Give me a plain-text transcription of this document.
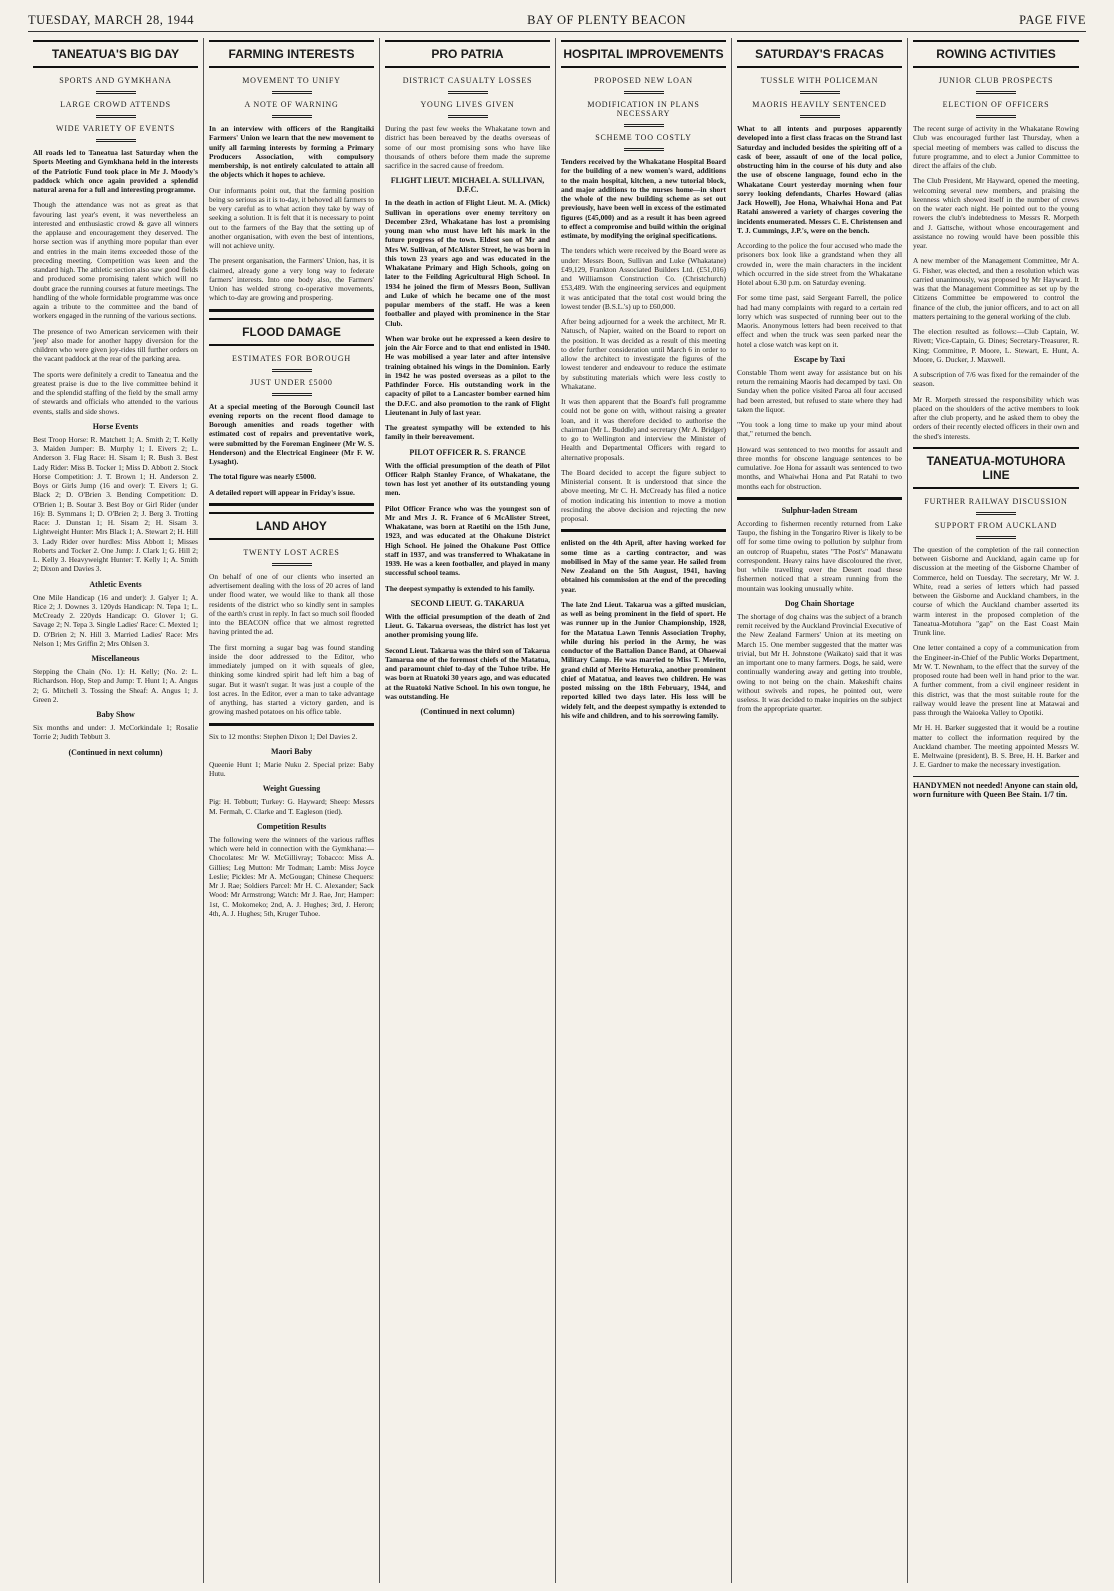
TUESDAY, MARCH 28, 1944	BAY OF PLENTY BEACON	PAGE FIVE
TANEATUA'S BIG DAY
SPORTS AND GYMKHANA
LARGE CROWD ATTENDS
WIDE VARIETY OF EVENTS

All roads led to Taneatua last Saturday when the Sports Meeting and Gymkhana held in the interests of the Patriotic Fund took place in Mr J. Moody's paddock which once again provided a splendid natural arena for a full and interesting programme.

Though the attendance was not as great as that favouring last year's event, it was nevertheless an interested and enthusiastic crowd & gave all winners the applause and encouragement they deserved. The horse section was if anything more popular than ever and entries in the main items exceeded those of the preceding meeting. Competition was keen and the standard high. The athletic section also saw good fields and produced some promising talent which will no doubt grace the running courses at future meetings. The handling of the whole formidable programme was once again a tribute to the committee and the band of workers engaged in the running of the various sections.

The presence of two American servicemen with their 'jeep' also made for another happy diversion for the children who were given joy-rides till further orders on the vacant paddock at the rear of the parking area.

The sports were definitely a credit to Taneatua and the greatest praise is due to the live committee behind it and the splendid staffing of the field by the small army of stewards and officials who attended to the various events, stalls and side shows.

Horse Events

Best Troop Horse: R. Matchett 1; A. Smith 2; T. Kelly 3. Maiden Jumper: B. Murphy 1; I. Eivers 2; L. Anderson 3. Flag Race: H. Sisam 1; R. Bush 3. Best Lady Rider: Miss B. Tocker 1; Miss D. Abbott 2. Stock Horse Competition: J. T. Brown 1; H. Anderson 2. Boys or Girls Jump (16 and over): T. Eivers 1; G. Black 2; D. O'Brien 3. Bending Competition: D. O'Brien 1; B. Soutar 3. Best Boy or Girl Rider (under 16): B. Symmans 1; D. O'Brien 2; J. Berg 3. Trotting Race: J. Dunstan 1; H. Sisam 2; H. Sisam 3. Lightweight Hunter: Mrs Black 1; A. Stewart 2; H. Hill 3. Lady Rider over hurdles: Miss Abbott 1; Misses Roberts and Tocker 2. One Jump: J. Clark 1; G. Hill 2; L. Kelly 3. Heavyweight Hunter: T. Kelly 1; A. Smith 2; Dixon and Davies 3.

Athletic Events

One Mile Handicap (16 and under): J. Galyer 1; A. Rice 2; J. Downes 3. 120yds Handicap: N. Tepa 1; L. McCready 2. 220yds Handicap: O. Glover 1; G. Savage 2; N. Tepa 3. Single Ladies' Race: C. Mexted 1; D. O'Brien 2; N. Hill 3. Married Ladies' Race: Mrs Nelson 1; Mrs Griffin 2; Mrs Ohlsen 3.

Miscellaneous

Stepping the Chain (No. 1): H. Kelly; (No. 2: L. Richardson. Hop, Step and Jump: T. Hunt 1; A. Angus 2; G. Mitchell 3. Tossing the Sheaf: A. Angus 1; J. Green 2.

Baby Show

Six months and under: J. McCorkindale 1; Rosalie Torrie 2; Judith Tebbutt 3.

(Continued in next column)
FARMING INTERESTS
MOVEMENT TO UNIFY
A NOTE OF WARNING

In an interview with officers of the Rangitaiki Farmers' Union we learn that the new movement to unify all farming interests by forming a Primary Producers Association, with compulsory membership, is not entirely calculated to attain all the objects which it hopes to achieve.

Our informants point out, that the farming position being so serious as it is to-day, it behoved all farmers to be very careful as to what action they take by way of seeking a solution. It is felt that it is necessary to point out to the farmers of the Bay that the setting up of another organisation, with even the best of intentions, will not achieve unity.

The present organisation, the Farmers' Union, has, it is claimed, already gone a very long way to federate farmers' interests. Into one body also, the Farmers' Union has welded strong co-operative movements, which to-day are growing and prospering.

FLOOD DAMAGE
ESTIMATES FOR BOROUGH
JUST UNDER £5000

At a special meeting of the Borough Council last evening reports on the recent flood damage to Borough amenities and roads together with estimated cost of repairs and preventative work, were submitted by the Foreman Engineer (Mr W. S. Henderson) and the Electrical Engineer (Mr F. W. Lysaght).

The total figure was nearly £5000.

A detailed report will appear in Friday's issue.

LAND AHOY
TWENTY LOST ACRES

On behalf of one of our clients who inserted an advertisement dealing with the loss of 20 acres of land under flood water, we would like to thank all those residents of the district who so kindly sent in samples of the earth's crust in reply. In fact so much soil flooded into the BEACON office that we almost regretted having printed the ad.

The first morning a sugar bag was found standing inside the door addressed to the Editor, who immediately jumped on it with squeals of glee, thinking some kindred spirit had left him a bag of sugar. But it wasn't sugar. It was just a couple of the lost acres. In the Editor, ever a man to take advantage of anything, has started a victory garden, and is growing mashed potatoes on his office table.

Six to 12 months: Stephen Dixon 1; Del Davies 2.

Maori Baby

Queenie Hunt 1; Marie Nuku 2. Special prize: Baby Hutu.

Weight Guessing

Pig: H. Tebbutt; Turkey: G. Hayward; Sheep: Messrs M. Fermah, C. Clarke and T. Eagleson (tied).

Competition Results

The following were the winners of the various raffles which were held in connection with the Gymkhana:—Chocolates: Mr W. McGillivray; Tobacco: Miss A. Gillies; Leg Mutton: Mr Todman; Lamb: Miss Joyce Leslie; Pickles: Mr A. McGougan; Chinese Chequers: Mr J. Rae; Soldiers Parcel: Mr H. C. Alexander; Sack Wood: Mr Armstrong; Watch: Mr J. Rae, Jnr; Hamper: 1st, C. Mokomeko; 2nd, A. J. Hughes; 3rd, J. Heron; 4th, A. J. Hughes; 5th, Kruger Tuhoe.

PRO PATRIA
DISTRICT CASUALTY LOSSES
YOUNG LIVES GIVEN

During the past few weeks the Whakatane town and district has been bereaved by the deaths overseas of some of our most promising sons who have like thousands of others before them made the supreme sacrifice in the sacred cause of freedom.

FLIGHT LIEUT. MICHAEL A. SULLIVAN, D.F.C.

In the death in action of Flight Lieut. M. A. (Mick) Sullivan in operations over enemy territory on December 23rd, Whakatane has lost a promising young man who must have left his mark in the future progress of the town. Eldest son of Mr and Mrs W. Sullivan, of McAlister Street, he was born in this town 23 years ago and was educated in the Whakatane Primary and High Schools, going on later to the Feilding Agricultural High School. In 1934 he joined the firm of Messrs Boon, Sullivan and Luke of which he became one of the most popular members of the staff. He was a keen footballer and played with prominence in the Star Club.

When war broke out he expressed a keen desire to join the Air Force and to that end enlisted in 1940. He was mobilised a year later and after intensive training obtained his wings in the Dominion. Early in 1942 he was posted overseas as a pilot to the Pathfinder Force. His outstanding work in the capacity of pilot to a Lancaster bomber earned him the D.F.C. and also promotion to the rank of Flight Lieutenant in July of last year.

The greatest sympathy will be extended to his family in their bereavement.

PILOT OFFICER R. S. FRANCE

With the official presumption of the death of Pilot Officer Ralph Stanley France, of Whakatane, the town has lost yet another of its outstanding young men.

Pilot Officer France who was the youngest son of Mr and Mrs J. R. France of 6 McAlister Street, Whakatane, was born at Raetihi on the 15th June, 1923, and was educated at the Ohakune District High School. He joined the Ohakune Post Office staff in 1937, and was transferred to Whakatane in 1939. He was a keen footballer, and played in many successful school teams.

The deepest sympathy is extended to his family.

SECOND LIEUT. G. TAKARUA

With the official presumption of the death of 2nd Lieut. G. Takarua overseas, the district has lost yet another promising young life.

Second Lieut. Takarua was the third son of Takarua Tamarua one of the foremost chiefs of the Matatua, and paramount chief to-day of the Tuhoe tribe. He was born at Ruatoki 30 years ago, and was educated at the Ruatoki Native School. In his own tongue, he was outstanding. He

(Continued in next column)
HOSPITAL IMPROVEMENTS
PROPOSED NEW LOAN
MODIFICATION IN PLANS NECESSARY
SCHEME TOO COSTLY

Tenders received by the Whakatane Hospital Board for the building of a new women's ward, additions to the main hospital, kitchen, a new tutorial block, and major additions to the nurses home—in short the whole of the new building scheme as set out previously, have been well in excess of the estimated figures (£45,000) and as a result it has been agreed to effect a compromise and build within the original estimate, by modifying the original specifications.

The tenders which were received by the Board were as under: Messrs Boon, Sullivan and Luke (Whakatane) £49,129, Frankton Associated Builders Ltd. (£51,016) and Williamson Construction Co. (Christchurch) £53,489. With the engineering services and equipment it was anticipated that the total cost would bring the lowest tender (B.S.L.'s) up to £60,000.

After being adjourned for a week the architect, Mr R. Natusch, of Napier, waited on the Board to report on the position. It was decided as a result of this meeting to defer further consideration until March 6 in order to allow the architect to investigate the figures of the lowest tenderer and endeavour to reduce the estimate by substituting materials which were less costly to Whakatane.

It was then apparent that the Board's full programme could not be gone on with, without raising a greater loan, and it was therefore decided to authorise the chairman (Mr L. Buddle) and secretary (Mr A. Bridger) to go to Wellington and interview the Minister of Health and Departmental Officers with regard to alternative proposals.

The Board decided to accept the figure subject to Ministerial consent. It is understood that since the above meeting, Mr C. H. McCready has filed a notice of motion indicating his intention to move a motion rescinding the above decision and rejecting the new proposal.

enlisted on the 4th April, after having worked for some time as a carting contractor, and was mobilised in May of the same year. He sailed from New Zealand on the 5th August, 1941, having obtained his commission at the end of the preceding year.

The late 2nd Lieut. Takarua was a gifted musician, as well as being prominent in the field of sport. He was runner up in the Junior Championship, 1928, for the Matatua Lawn Tennis Association Trophy, while during his period in the Army, he was conductor of the Battalion Dance Band, at Ohaewai Military Camp. He was married to Miss T. Merito, grand child of Merito Heturaka, another prominent chief of Matatua, and leaves two children. He was posted missing on the 18th February, 1944, and reported killed two days later. His loss will be widely felt, and the deepest sympathy is extended to his wife and children, and to his sorrowing family.

SATURDAY'S FRACAS
TUSSLE WITH POLICEMAN
MAORIS HEAVILY SENTENCED

What to all intents and purposes apparently developed into a first class fracas on the Strand last Saturday and included besides the spiriting off of a cask of beer, assault of one of the local police, obstructing him in the course of his duty and also the use of obscene language, found echo in the Whakatane Court yesterday morning when four sorry looking defendants, Charles Howard (alias Jack Howell), Joe Hona, Whaiwhai Hona and Pat Ratahi answered a variety of charges covering the incidents enumerated. Messrs C. E. Christensen and T. J. Cummings, J.P.'s, were on the bench.

According to the police the four accused who made the prisoners box look like a grandstand when they all crowded in, were the main characters in the incident which occurred in the side street from the Whakatane Hotel about 6.30 p.m. on Saturday evening.

For some time past, said Sergeant Farrell, the police had had many complaints with regard to a certain red lorry which was suspected of running beer out to the Maoris. Anonymous letters had been received to that effect and when the truck was seen parked near the hotel a close watch was kept on it.

Escape by Taxi

Constable Thom went away for assistance but on his return the remaining Maoris had decamped by taxi. On Sunday when the police visited Paroa all four accused had been arrested, but refused to state where they had taken the liquor.

"You took a long time to make up your mind about that," returned the bench.

Howard was sentenced to two months for assault and three months for obscene language sentences to be cumulative. Joe Hona for assault was sentenced to two months, and Whaiwhai Hona and Pat Ratahi to two months each for obstruction.

Sulphur-laden Stream

According to fishermen recently returned from Lake Taupo, the fishing in the Tongariro River is likely to be off for some time owing to pollution by sulphur from an outcrop of Ruapehu, states "The Post's" Manawatu correspondent. Heavy rains have discoloured the river, but while travelling over the Desert road these fishermen noticed that a stream running from the mountain was looking unusually white.

Dog Chain Shortage

The shortage of dog chains was the subject of a branch remit received by the Auckland Provincial Executive of the New Zealand Farmers' Union at its meeting on March 15. One member suggested that the matter was trivial, but Mr H. Johnstone (Waikato) said that it was an important one to many farmers. Dogs, he said, were continually wandering away and getting into trouble, owing to not being on the chain. Makeshift chains without swivels and ropes, he pointed out, were useless. It was decided to make inquiries on the subject from the appropriate quarter.

ROWING ACTIVITIES
JUNIOR CLUB PROSPECTS
ELECTION OF OFFICERS

The recent surge of activity in the Whakatane Rowing Club was encouraged further last Thursday, when a special meeting of members was called to discuss the future programme, and to elect a Junior Committee to direct the affairs of the club.

The Club President, Mr Hayward, opened the meeting, welcoming several new members, and praising the keenness which showed itself in the number of crews on the water each night. He pointed out to the young rowers the club's indebtedness to Messrs R. Morpeth and J. Gattsche, without whose encouragement and assistance no rowing would have been possible this year.

A new member of the Management Committee, Mr A. G. Fisher, was elected, and then a resolution which was carried unanimously, was proposed by Mr Hayward. It was that the Management Committee as set up by the Citizens Committee be empowered to control the finance of the club, the junior officers, and to act on all matters pertaining to the general working of the club.

The election resulted as follows:—Club Captain, W. Rivett; Vice-Captain, G. Dines; Secretary-Treasurer, R. King; Committee, P. Moore, L. Stewart, E. Hunt, A. Moore, G. Ducker, J. Maxwell.

A subscription of 7/6 was fixed for the remainder of the season.

Mr R. Morpeth stressed the responsibility which was placed on the shoulders of the active members to look after the club property, and he asked them to obey the orders of their recently elected officers in their own and the shed's interests.

TANEATUA-MOTUHORA LINE
FURTHER RAILWAY DISCUSSION
SUPPORT FROM AUCKLAND

The question of the completion of the rail connection between Gisborne and Auckland, again came up for discussion at the meeting of the Gisborne Chamber of Commerce, held on Tuesday. The secretary, Mr W. J. White, read a series of letters which had passed between the Gisborne and Auckland chambers, in the course of which the Auckland chamber asserted its warm interest in the proposed completion of the Taneatua-Motuhora "gap" on the East Coast Main Trunk line.

One letter contained a copy of a communication from the Engineer-in-Chief of the Public Works Department, Mr W. T. Newnham, to the effect that the survey of the proposed route had been well in hand prior to the war. A further comment, from a civil engineer resident in this district, was that the most suitable route for the railway would leave the present line at Matawai and pass through the Waioeka Valley to Opotiki.

Mr H. H. Barker suggested that it would be a routine matter to collect the information required by the Auckland chamber. The meeting appointed Messrs W. E. Meltwaine (president), B. S. Bree, H. H. Barker and J. E. Gardner to make the necessary investigation.

HANDYMEN not needed! Anyone can stain old, worn furniture with Queen Bee Stain. 1/7 tin.
